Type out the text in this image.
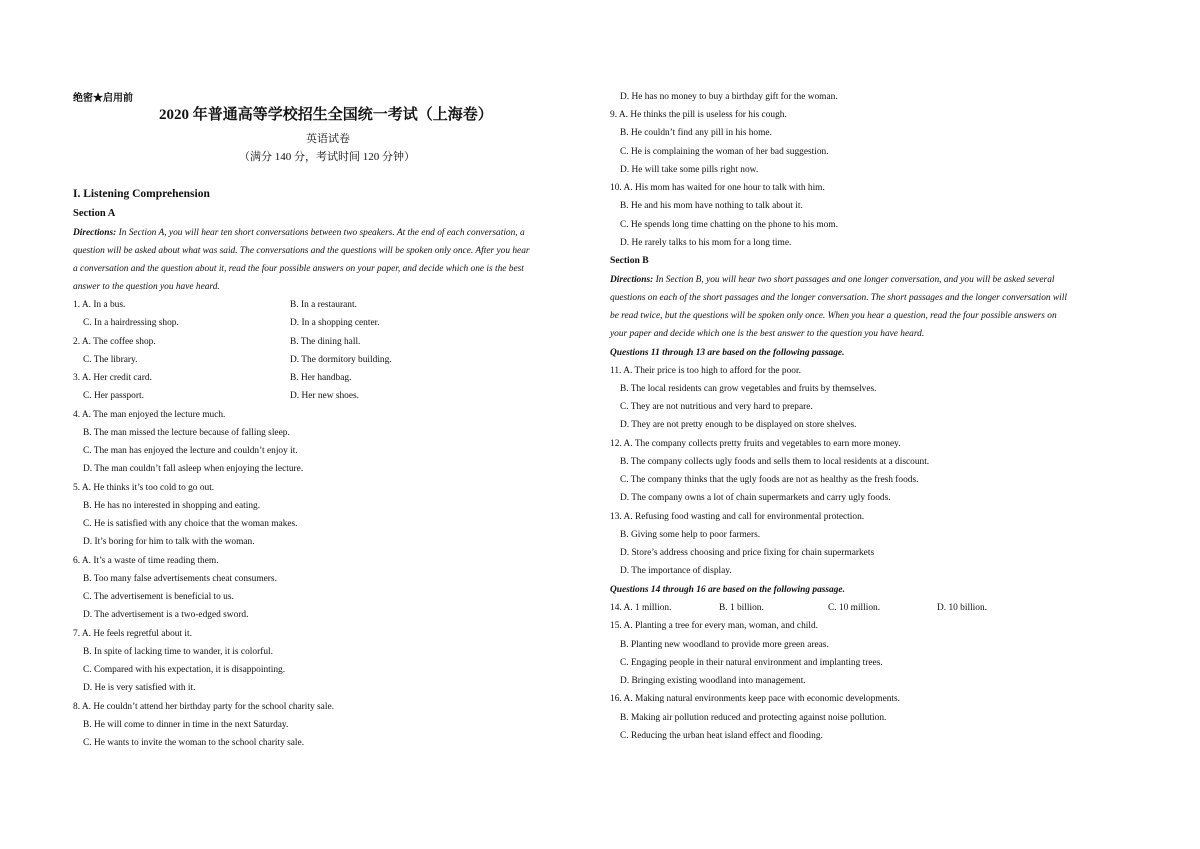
绝密★启用前
2020 年普通高等学校招生全国统一考试（上海卷）
英语试卷
（满分 140 分，考试时间 120 分钟）
I. Listening Comprehension
Section A
Directions: In Section A, you will hear ten short conversations between two speakers. At the end of each conversation, a
question will be asked about what was said. The conversations and the questions will be spoken only once. After you hear
a conversation and the question about it, read the four possible answers on your paper, and decide which one is the best
answer to the question you have heard.
1. A. In a bus.	B. In a restaurant.
C. In a hairdressing shop.	D. In a shopping center.
2. A. The coffee shop.	B. The dining hall.
C. The library.	D. The dormitory building.
3. A. Her credit card.	B. Her handbag.
C. Her passport.	D. Her new shoes.
4. A. The man enjoyed the lecture much.
B. The man missed the lecture because of falling sleep.
C. The man has enjoyed the lecture and couldn’t enjoy it.
D. The man couldn’t fall asleep when enjoying the lecture.
5. A. He thinks it’s too cold to go out.
B. He has no interested in shopping and eating.
C. He is satisfied with any choice that the woman makes.
D. It’s boring for him to talk with the woman.
6. A. It’s a waste of time reading them.
B. Too many false advertisements cheat consumers.
C. The advertisement is beneficial to us.
D. The advertisement is a two-edged sword.
7. A. He feels regretful about it.
B. In spite of lacking time to wander, it is colorful.
C. Compared with his expectation, it is disappointing.
D. He is very satisfied with it.
8. A. He couldn’t attend her birthday party for the school charity sale.
B. He will come to dinner in time in the next Saturday.
C. He wants to invite the woman to the school charity sale.
D. He has no money to buy a birthday gift for the woman.
9. A. He thinks the pill is useless for his cough.
B. He couldn’t find any pill in his home.
C. He is complaining the woman of her bad suggestion.
D. He will take some pills right now.
10. A. His mom has waited for one hour to talk with him.
B. He and his mom have nothing to talk about it.
C. He spends long time chatting on the phone to his mom.
D. He rarely talks to his mom for a long time.
Section B
Directions: In Section B, you will hear two short passages and one longer conversation, and you will be asked several
questions on each of the short passages and the longer conversation. The short passages and the longer conversation will
be read twice, but the questions will be spoken only once. When you hear a question, read the four possible answers on
your paper and decide which one is the best answer to the question you have heard.
Questions 11 through 13 are based on the following passage.
11. A. Their price is too high to afford for the poor.
B. The local residents can grow vegetables and fruits by themselves.
C. They are not nutritious and very hard to prepare.
D. They are not pretty enough to be displayed on store shelves.
12. A. The company collects pretty fruits and vegetables to earn more money.
B. The company collects ugly foods and sells them to local residents at a discount.
C. The company thinks that the ugly foods are not as healthy as the fresh foods.
D. The company owns a lot of chain supermarkets and carry ugly foods.
13. A. Refusing food wasting and call for environmental protection.
B. Giving some help to poor farmers.
D. Store’s address choosing and price fixing for chain supermarkets
D. The importance of display.
Questions 14 through 16 are based on the following passage.
14. A. 1 million.	B. 1 billion.	C. 10 million.	D. 10 billion.
15. A. Planting a tree for every man, woman, and child.
B. Planting new woodland to provide more green areas.
C. Engaging people in their natural environment and implanting trees.
D. Bringing existing woodland into management.
16. A. Making natural environments keep pace with economic developments.
B. Making air pollution reduced and protecting against noise pollution.
C. Reducing the urban heat island effect and flooding.
